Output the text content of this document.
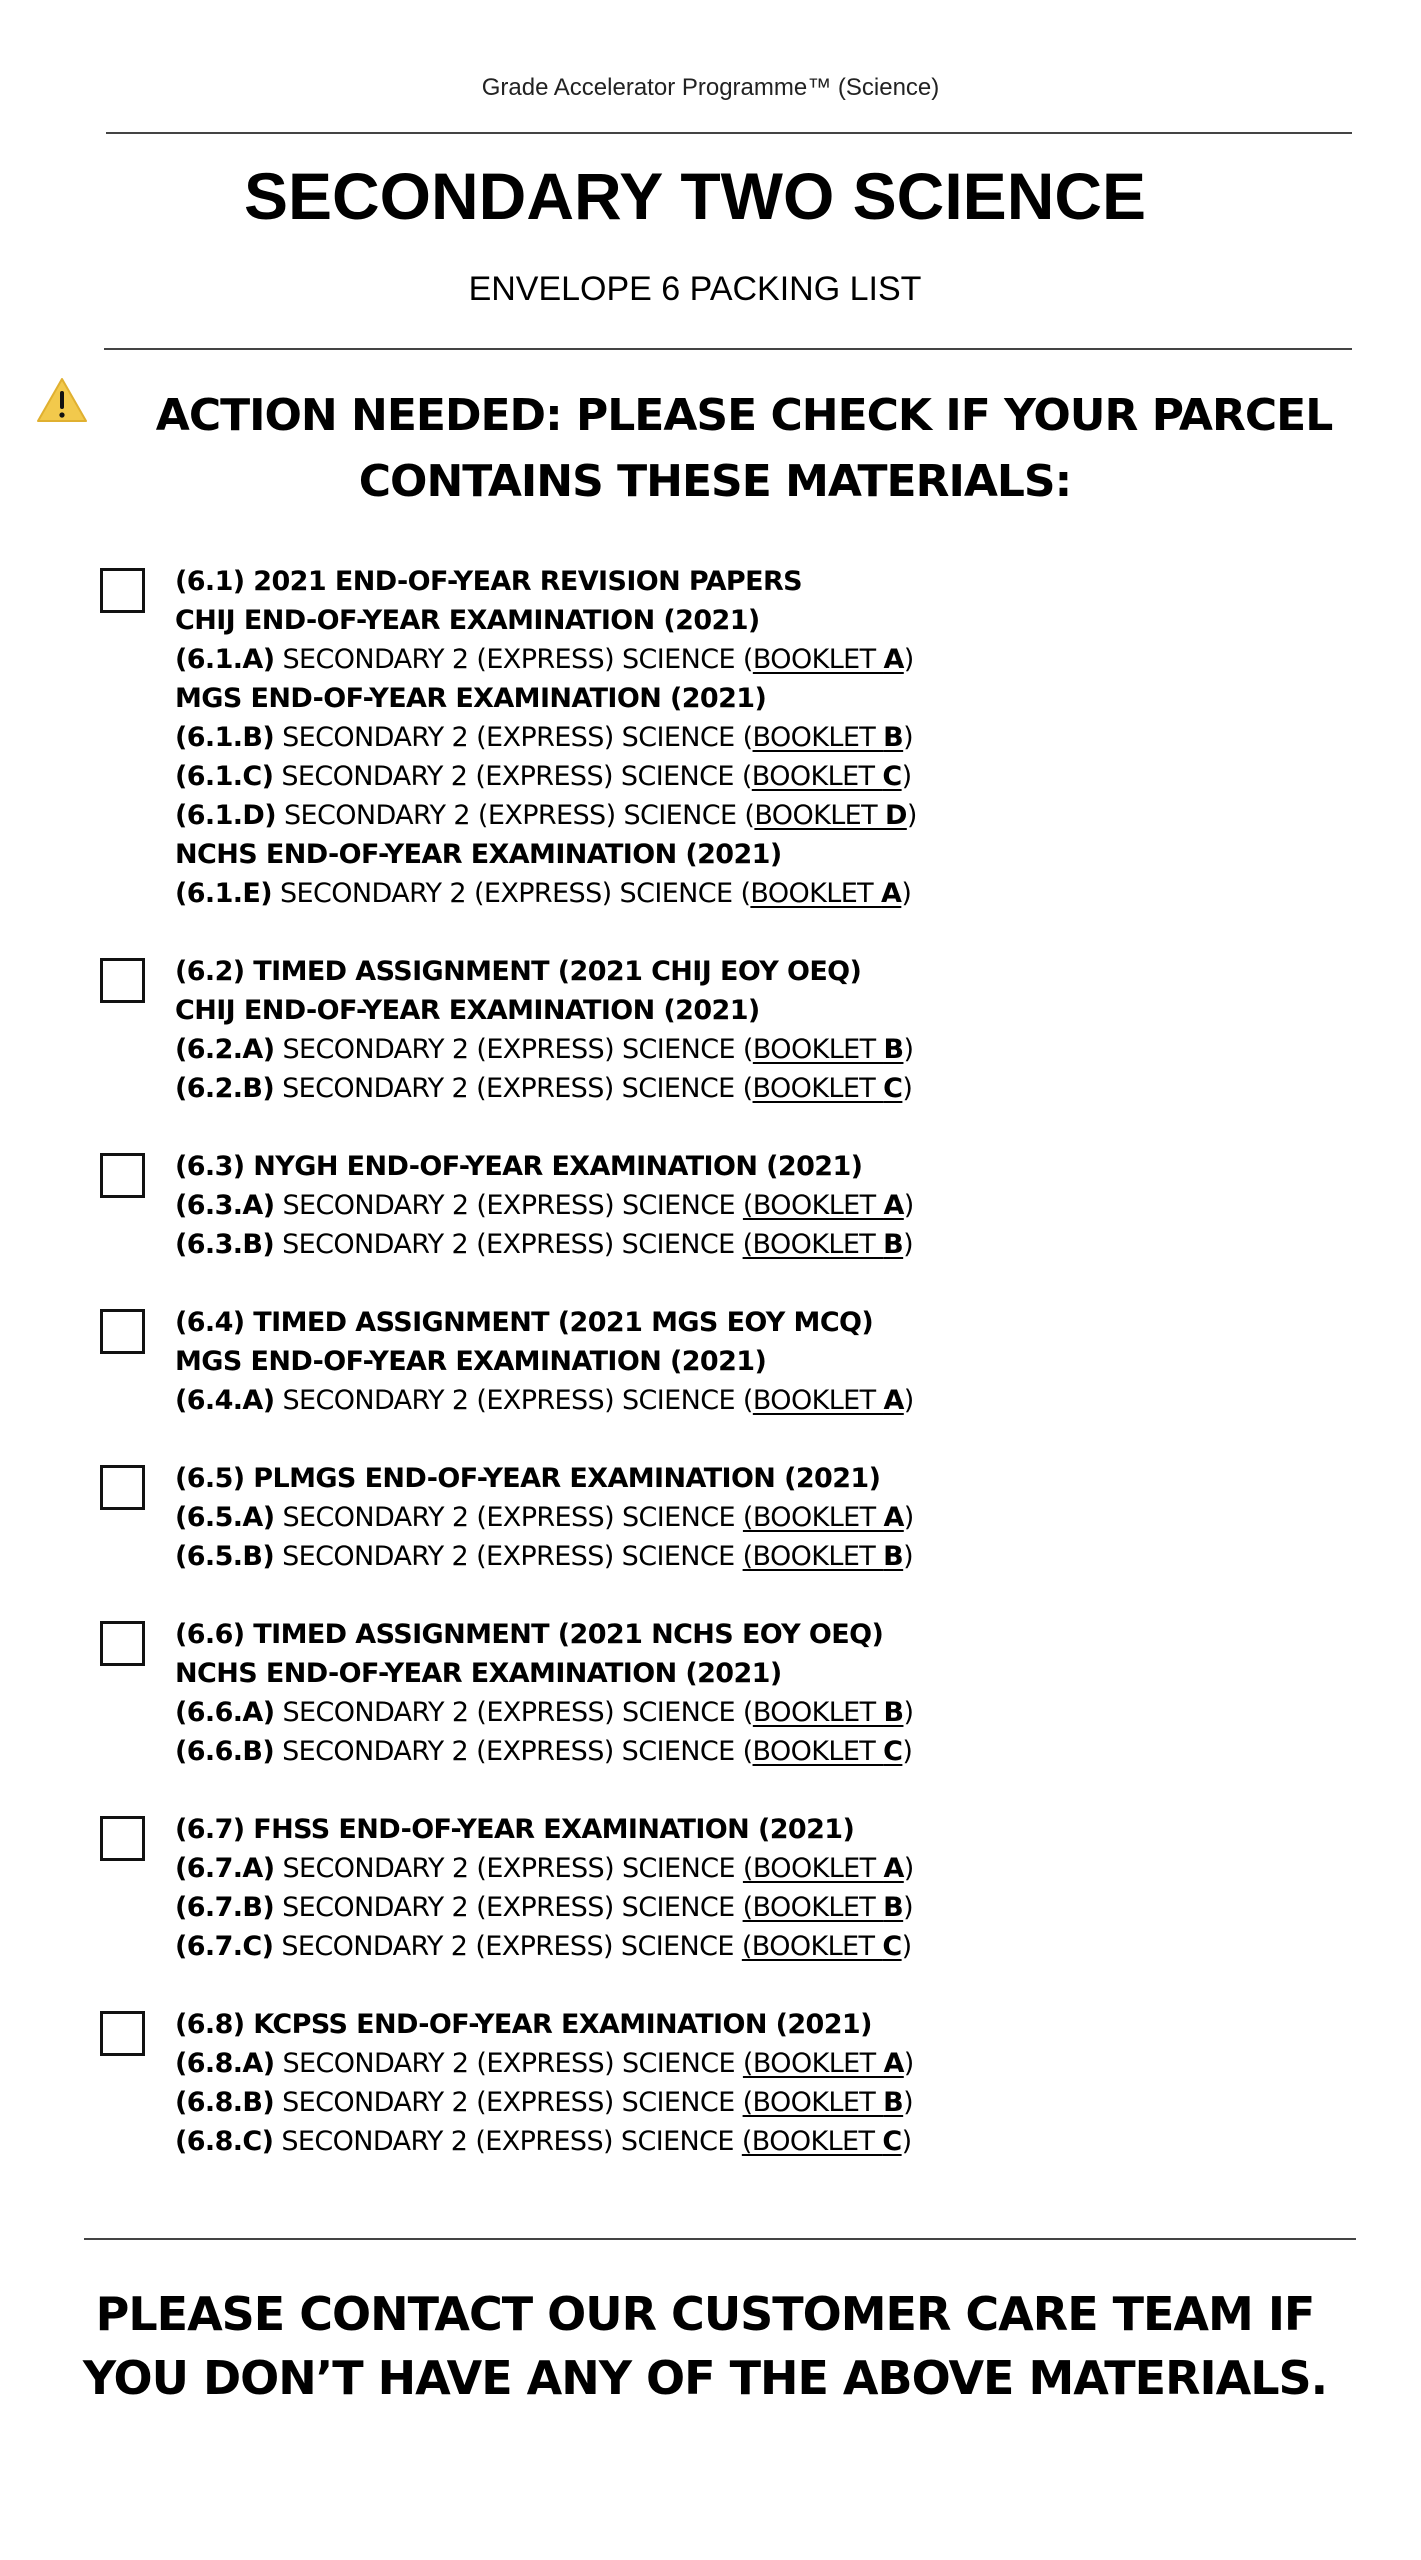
Grade Accelerator Programme™ (Science)
SECONDARY TWO SCIENCE
ENVELOPE 6 PACKING LIST
ACTION NEEDED: PLEASE CHECK IF YOUR PARCEL
CONTAINS THESE MATERIALS:
(6.1) 2021 END-OF-YEAR REVISION PAPERS
CHIJ END-OF-YEAR EXAMINATION (2021)
(6.1.A) SECONDARY 2 (EXPRESS) SCIENCE (BOOKLET A)
MGS END-OF-YEAR EXAMINATION (2021)
(6.1.B) SECONDARY 2 (EXPRESS) SCIENCE (BOOKLET B)
(6.1.C) SECONDARY 2 (EXPRESS) SCIENCE (BOOKLET C)
(6.1.D) SECONDARY 2 (EXPRESS) SCIENCE (BOOKLET D)
NCHS END-OF-YEAR EXAMINATION (2021)
(6.1.E) SECONDARY 2 (EXPRESS) SCIENCE (BOOKLET A)
(6.2) TIMED ASSIGNMENT (2021 CHIJ EOY OEQ)
CHIJ END-OF-YEAR EXAMINATION (2021)
(6.2.A) SECONDARY 2 (EXPRESS) SCIENCE (BOOKLET B)
(6.2.B) SECONDARY 2 (EXPRESS) SCIENCE (BOOKLET C)
(6.3) NYGH END-OF-YEAR EXAMINATION (2021)
(6.3.A) SECONDARY 2 (EXPRESS) SCIENCE (BOOKLET A)
(6.3.B) SECONDARY 2 (EXPRESS) SCIENCE (BOOKLET B)
(6.4) TIMED ASSIGNMENT (2021 MGS EOY MCQ)
MGS END-OF-YEAR EXAMINATION (2021)
(6.4.A) SECONDARY 2 (EXPRESS) SCIENCE (BOOKLET A)
(6.5) PLMGS END-OF-YEAR EXAMINATION (2021)
(6.5.A) SECONDARY 2 (EXPRESS) SCIENCE (BOOKLET A)
(6.5.B) SECONDARY 2 (EXPRESS) SCIENCE (BOOKLET B)
(6.6) TIMED ASSIGNMENT (2021 NCHS EOY OEQ)
NCHS END-OF-YEAR EXAMINATION (2021)
(6.6.A) SECONDARY 2 (EXPRESS) SCIENCE (BOOKLET B)
(6.6.B) SECONDARY 2 (EXPRESS) SCIENCE (BOOKLET C)
(6.7) FHSS END-OF-YEAR EXAMINATION (2021)
(6.7.A) SECONDARY 2 (EXPRESS) SCIENCE (BOOKLET A)
(6.7.B) SECONDARY 2 (EXPRESS) SCIENCE (BOOKLET B)
(6.7.C) SECONDARY 2 (EXPRESS) SCIENCE (BOOKLET C)
(6.8) KCPSS END-OF-YEAR EXAMINATION (2021)
(6.8.A) SECONDARY 2 (EXPRESS) SCIENCE (BOOKLET A)
(6.8.B) SECONDARY 2 (EXPRESS) SCIENCE (BOOKLET B)
(6.8.C) SECONDARY 2 (EXPRESS) SCIENCE (BOOKLET C)
PLEASE CONTACT OUR CUSTOMER CARE TEAM IF
YOU DON’T HAVE ANY OF THE ABOVE MATERIALS.
